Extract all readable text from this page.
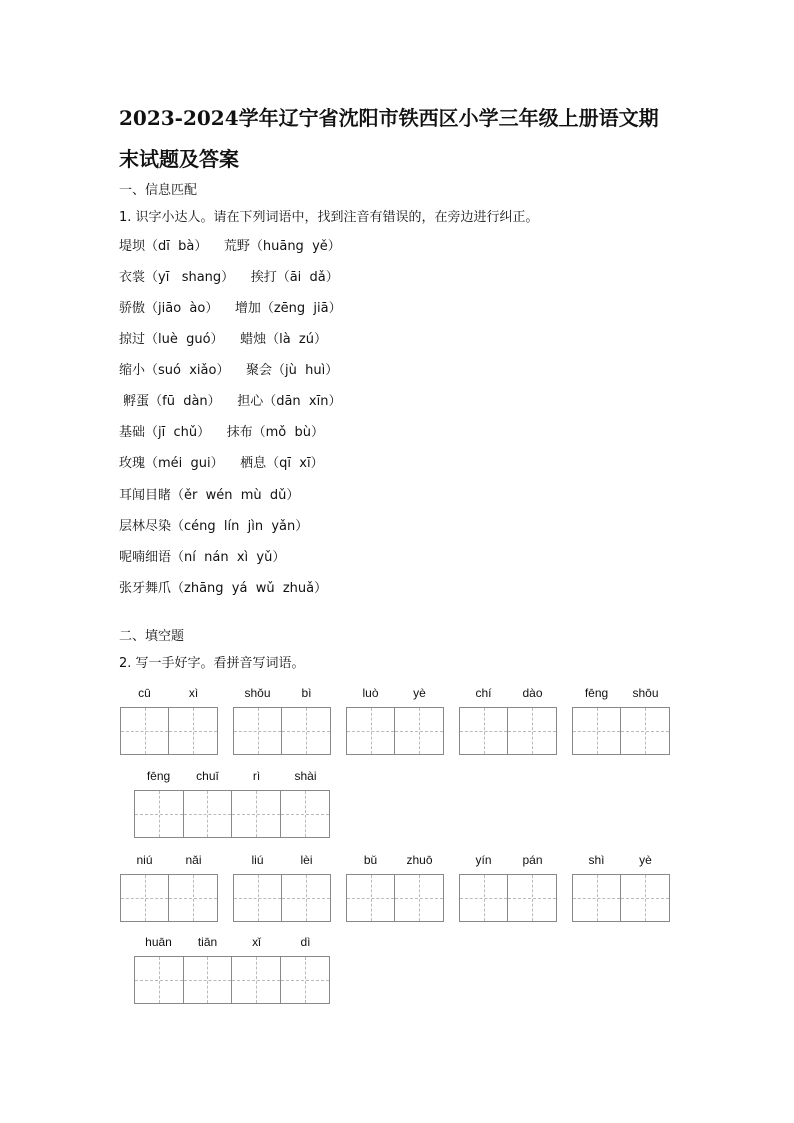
2023-2024学年辽宁省沈阳市铁西区小学三年级上册语文期
末试题及答案
一、信息匹配
1. 识字小达人。请在下列词语中，找到注音有错误的，在旁边进行纠正。
堤坝（dī  bà）    荒野（huāng  yě）
衣裳（yī   shang）    挨打（āi  dǎ）
骄傲（jiāo  ào）    增加（zēng  jiā）
掠过（luè  guó）    蜡烛（là  zú）
缩小（suó  xiǎo）    聚会（jù  huì）
孵蛋（fū  dàn）    担心（dān  xīn）
基础（jī  chǔ）    抹布（mǒ  bù）
玫瑰（méi  gui）    栖息（qī  xī）
耳闻目睹（ěr  wén  mù  dǔ）
层林尽染（céng  lín  jìn  yǎn）
呢喃细语（ní  nán  xì  yǔ）
张牙舞爪（zhāng  yá  wǔ  zhuǎ）
二、填空题
2. 写一手好字。看拼音写词语。
cū	xì	shǒu	bì	luò	yè	chí	dào	fēng	shōu
fēng	chuī	rì	shài
niú	nǎi	liú	lèi	bǔ	zhuō	yín	pán	shì	yè
huān	tiān	xǐ	dì
